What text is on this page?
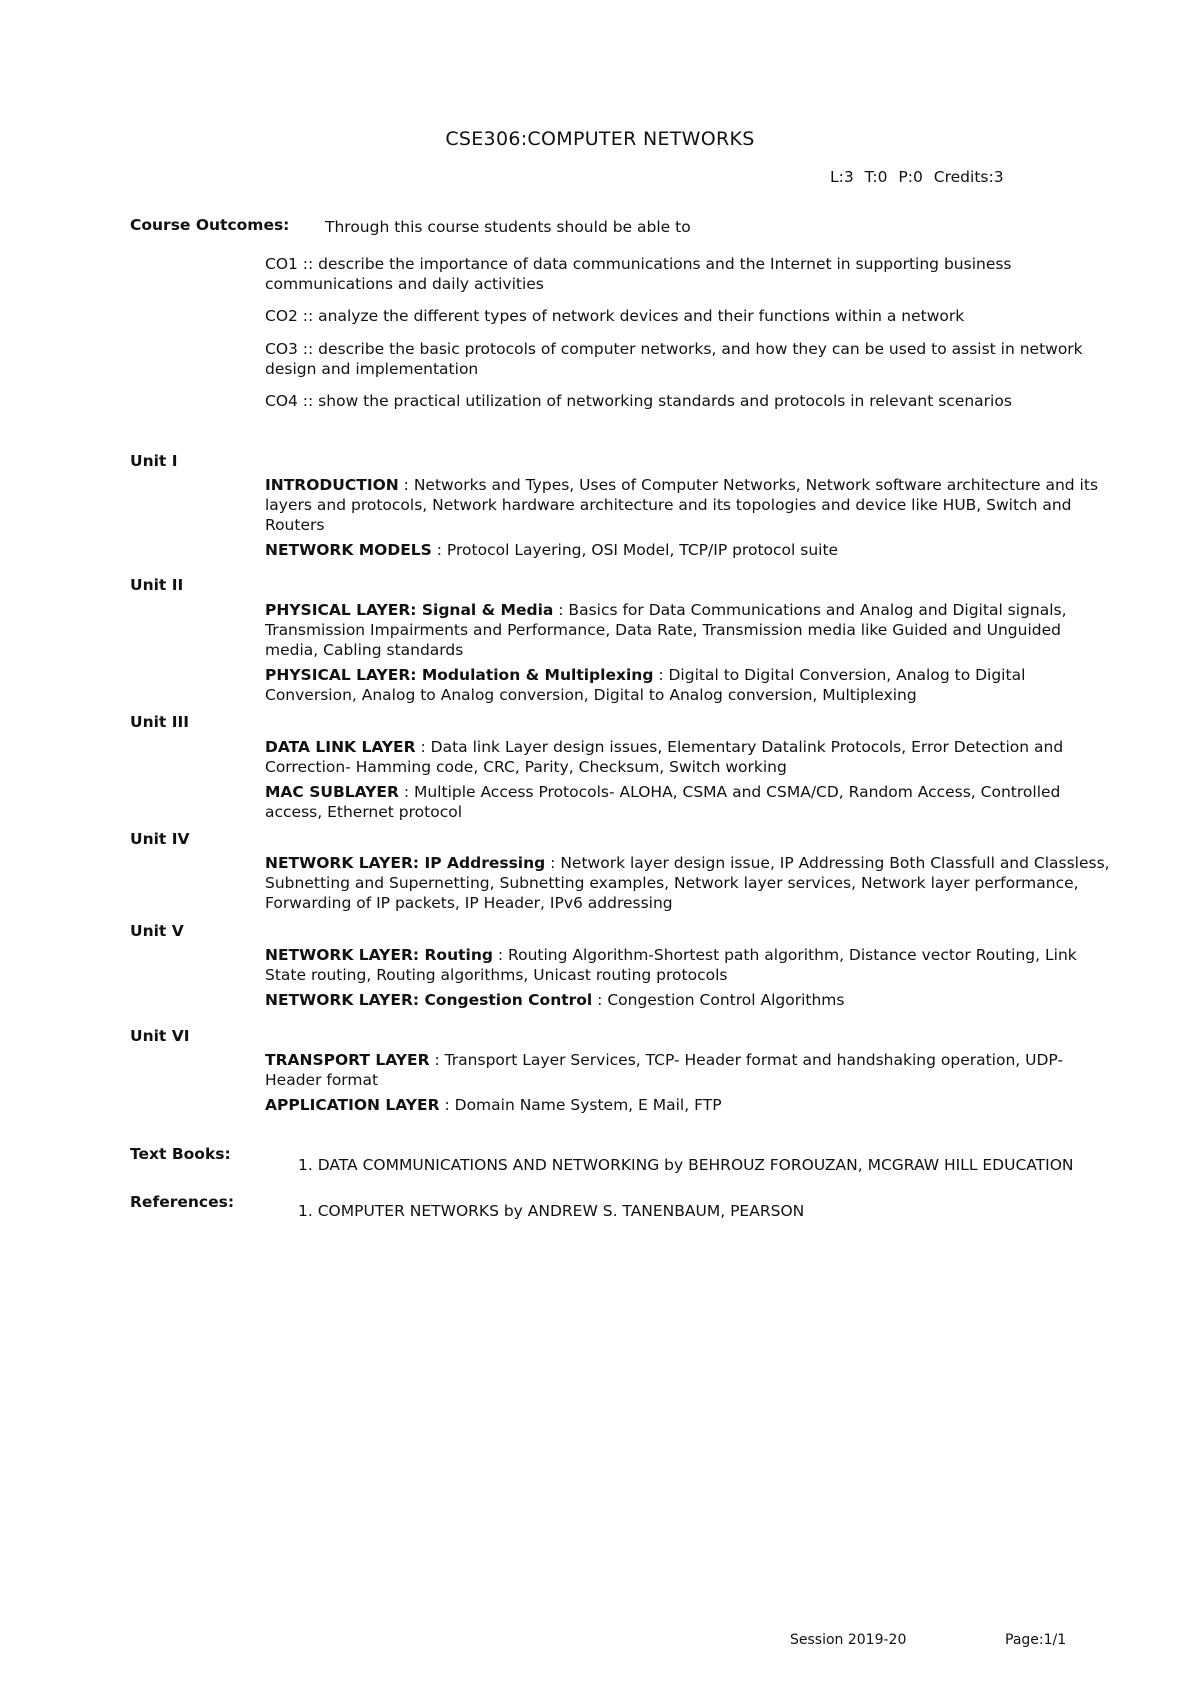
CSE306:COMPUTER NETWORKS
L:3 T:0 P:0 Credits:3
Course Outcomes: Through this course students should be able to
CO1 :: describe the importance of data communications and the Internet in supporting business communications and daily activities
CO2 :: analyze the different types of network devices and their functions within a network
CO3 :: describe the basic protocols of computer networks, and how they can be used to assist in network design and implementation
CO4 :: show the practical utilization of networking standards and protocols in relevant scenarios
Unit I
INTRODUCTION : Networks and Types, Uses of Computer Networks, Network software architecture and its layers and protocols, Network hardware architecture and its topologies and device like HUB, Switch and Routers
NETWORK MODELS : Protocol Layering, OSI Model, TCP/IP protocol suite
Unit II
PHYSICAL LAYER: Signal & Media : Basics for Data Communications and Analog and Digital signals, Transmission Impairments and Performance, Data Rate, Transmission media like Guided and Unguided media, Cabling standards
PHYSICAL LAYER: Modulation & Multiplexing : Digital to Digital Conversion, Analog to Digital Conversion, Analog to Analog conversion, Digital to Analog conversion, Multiplexing
Unit III
DATA LINK LAYER : Data link Layer design issues, Elementary Datalink Protocols, Error Detection and Correction- Hamming code, CRC, Parity, Checksum, Switch working
MAC SUBLAYER : Multiple Access Protocols- ALOHA, CSMA and CSMA/CD, Random Access, Controlled access, Ethernet protocol
Unit IV
NETWORK LAYER: IP Addressing : Network layer design issue, IP Addressing Both Classfull and Classless, Subnetting and Supernetting, Subnetting examples, Network layer services, Network layer performance, Forwarding of IP packets, IP Header, IPv6 addressing
Unit V
NETWORK LAYER: Routing : Routing Algorithm-Shortest path algorithm, Distance vector Routing, Link State routing, Routing algorithms, Unicast routing protocols
NETWORK LAYER: Congestion Control : Congestion Control Algorithms
Unit VI
TRANSPORT LAYER : Transport Layer Services, TCP- Header format and handshaking operation, UDP- Header format
APPLICATION LAYER : Domain Name System, E Mail, FTP
Text Books:
1. DATA COMMUNICATIONS AND NETWORKING by BEHROUZ FOROUZAN, MCGRAW HILL EDUCATION
References:	1. COMPUTER NETWORKS by ANDREW S. TANENBAUM, PEARSON
Session 2019-20	Page:1/1
